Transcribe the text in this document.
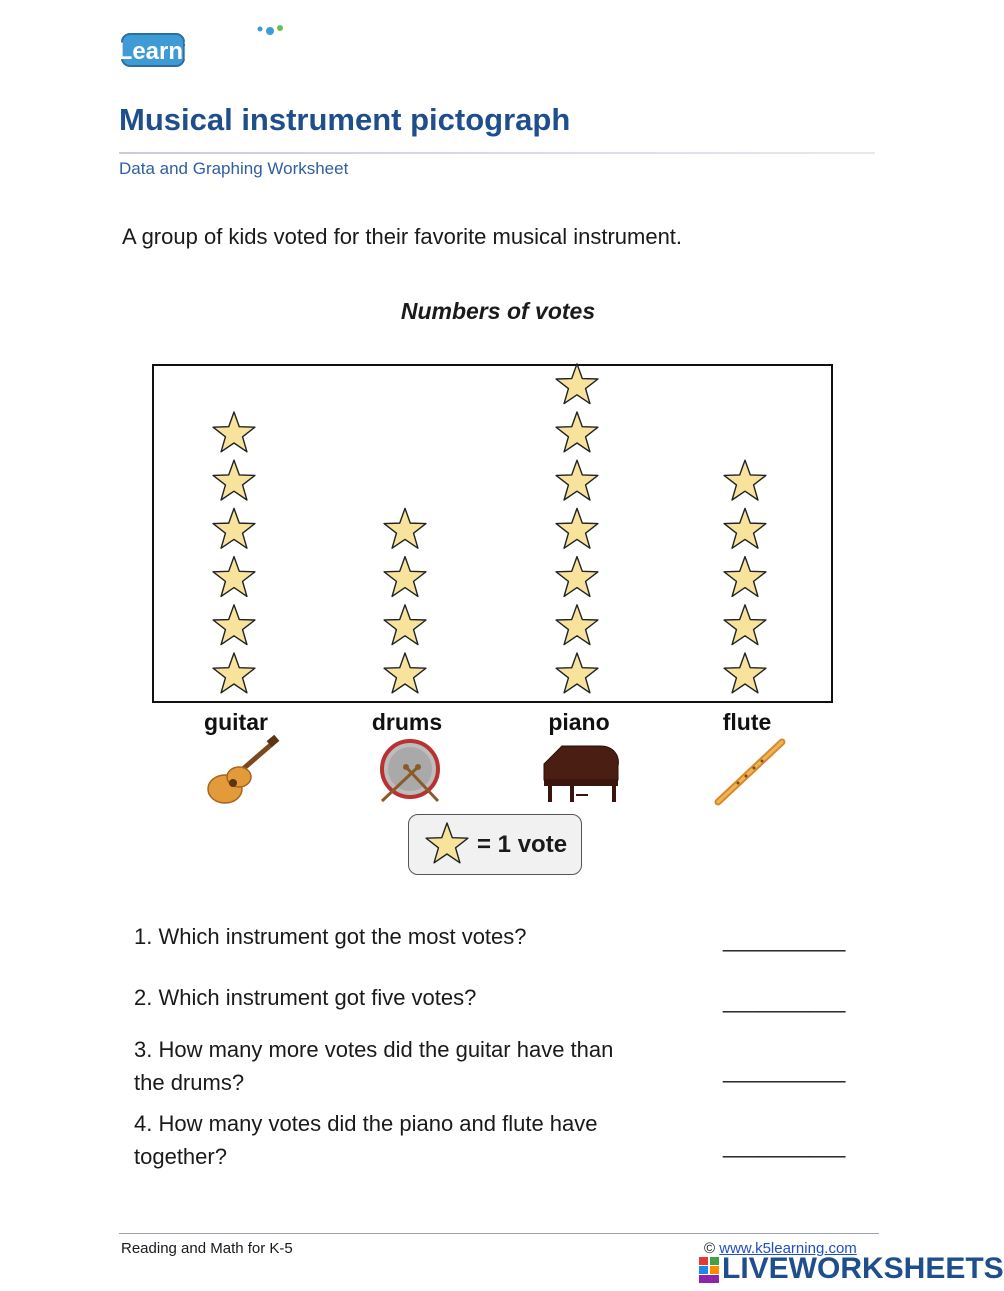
K5Learning
Musical instrument pictograph
Data and Graphing Worksheet
A group of kids voted for their favorite musical instrument.
Numbers of votes
guitar	drums	piano	flute
= 1 vote
1. Which instrument got the most votes?	__________
2. Which instrument got five votes?	__________
3. How many more votes did the guitar have than
the drums?	__________
4. How many votes did the piano and flute have
together?	__________
Reading and Math for K-5	© www.k5learning.com
LIVEWORKSHEETS
